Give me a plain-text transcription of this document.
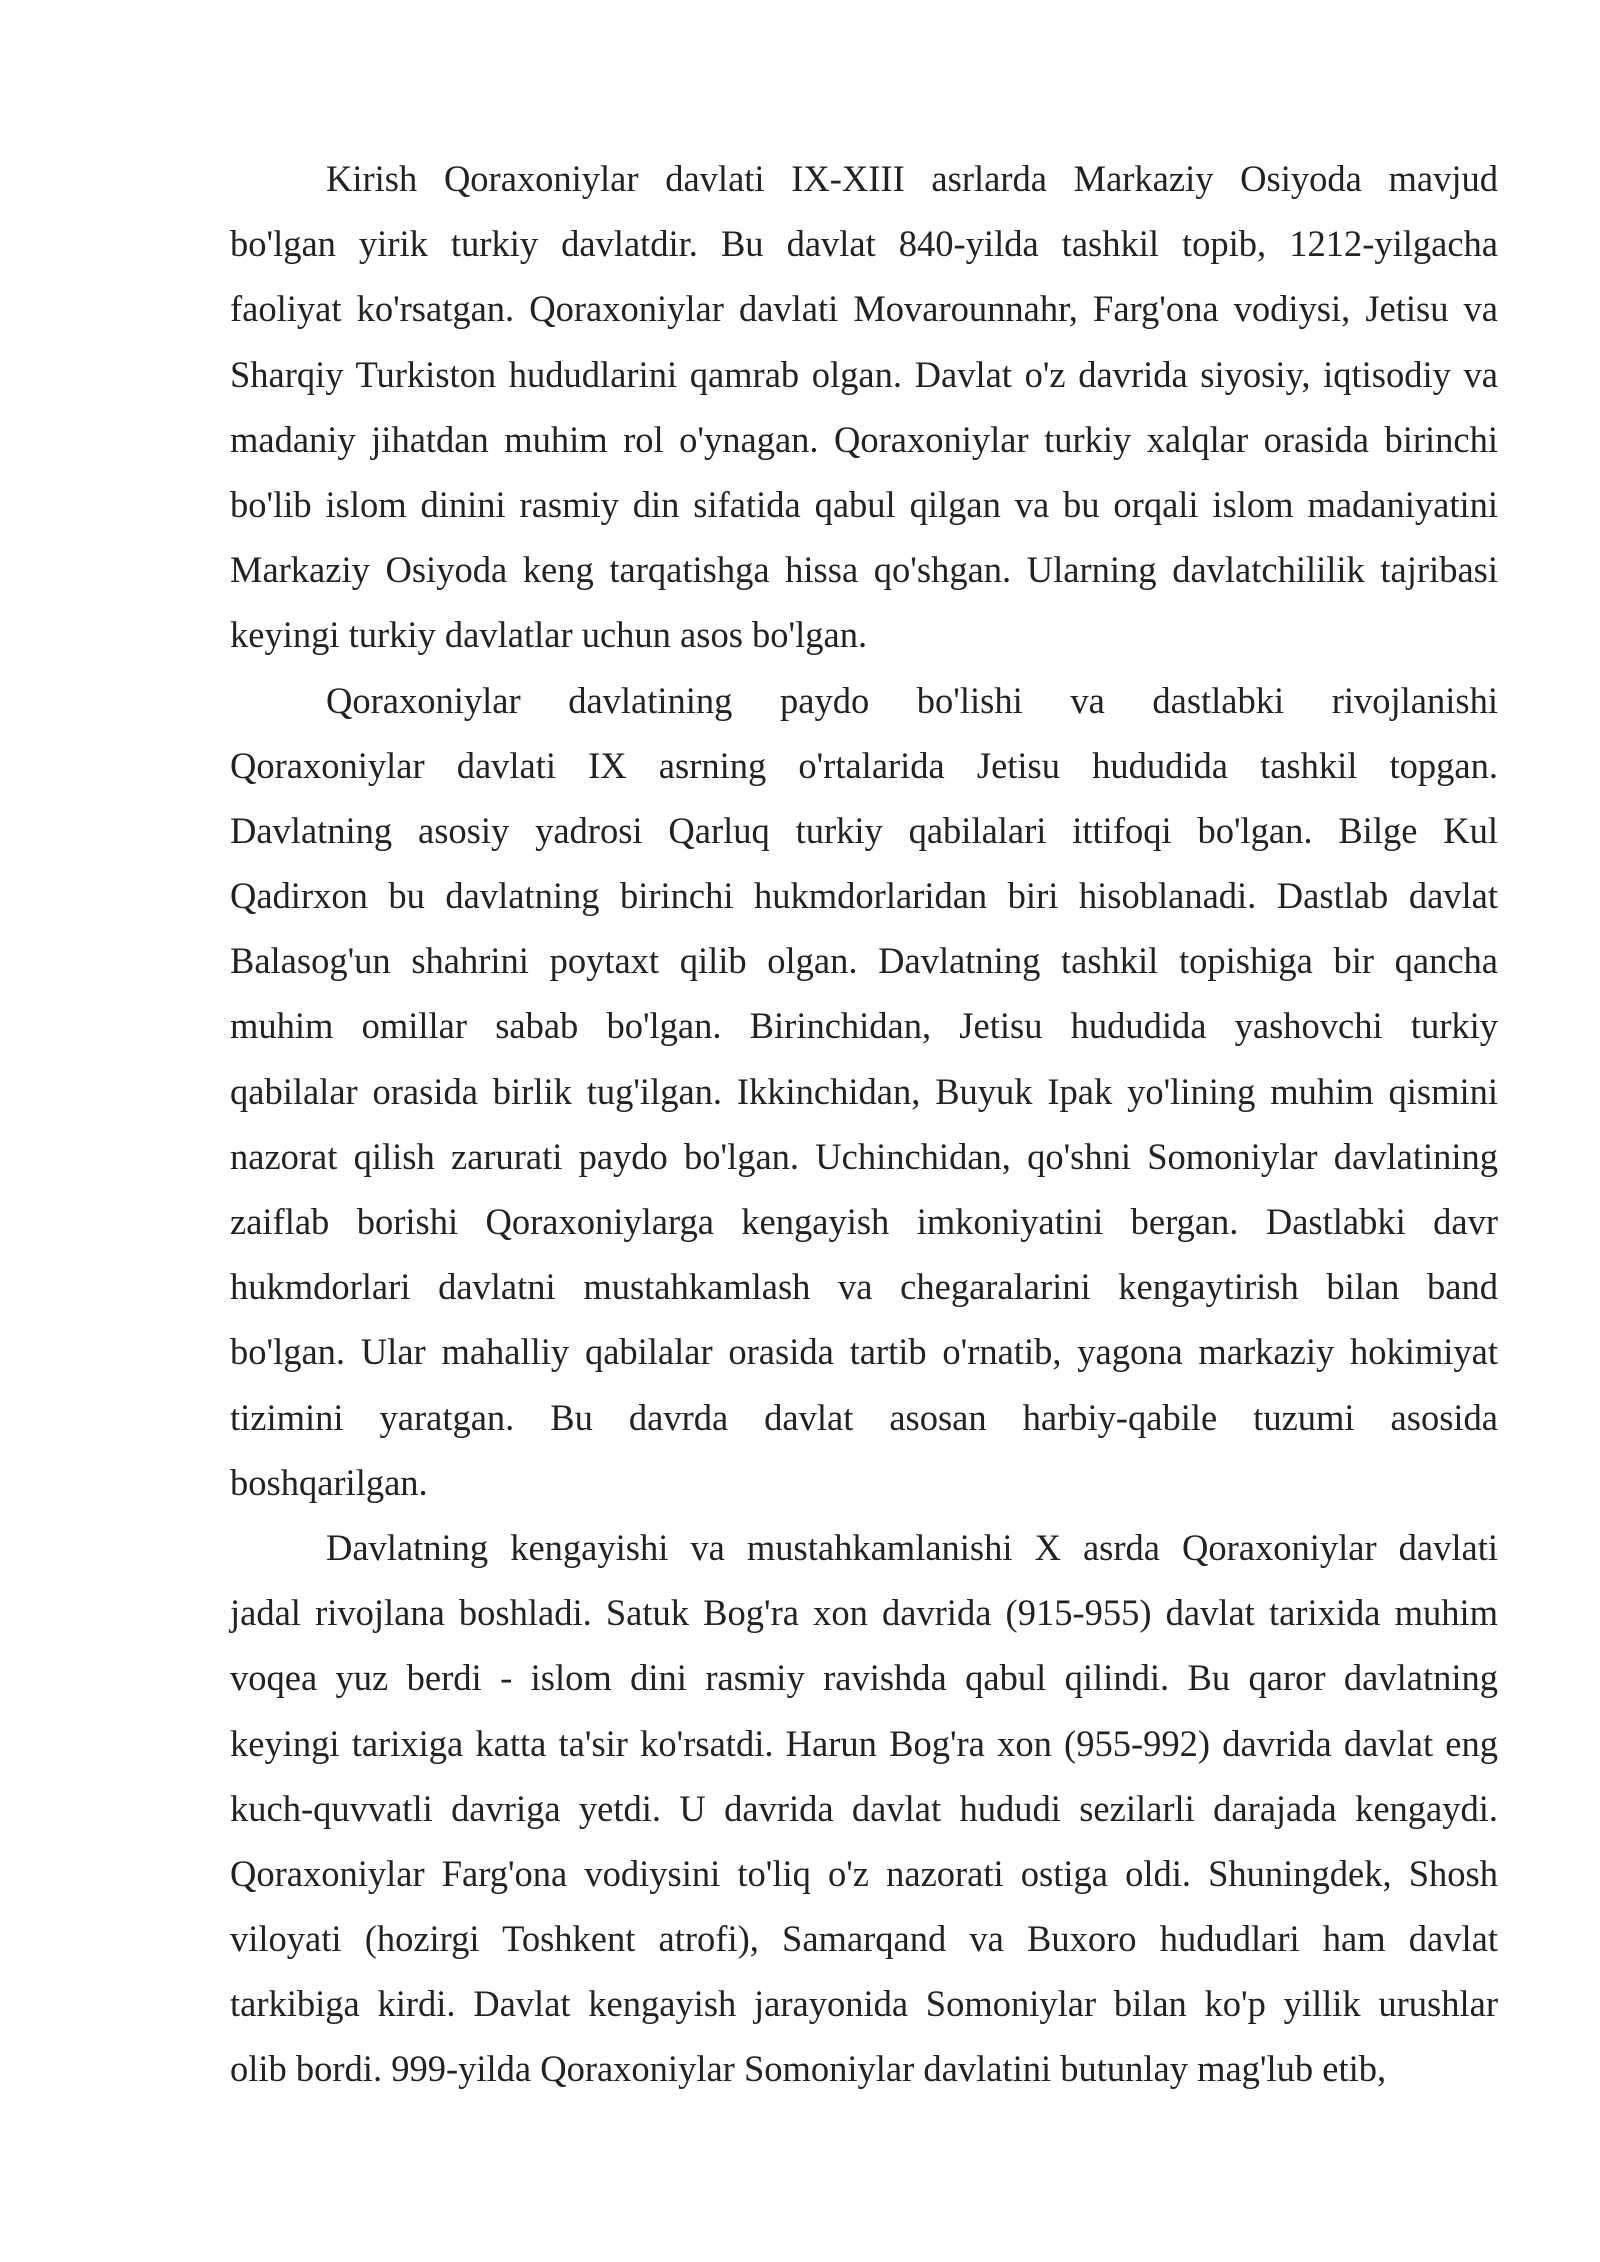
Kirish Qoraxoniylar davlati IX-XIII asrlarda Markaziy Osiyoda mavjud
bo'lgan yirik turkiy davlatdir. Bu davlat 840-yilda tashkil topib, 1212-yilgacha
faoliyat ko'rsatgan. Qoraxoniylar davlati Movarounnahr, Farg'ona vodiysi, Jetisu va
Sharqiy Turkiston hududlarini qamrab olgan. Davlat o'z davrida siyosiy, iqtisodiy va
madaniy jihatdan muhim rol o'ynagan. Qoraxoniylar turkiy xalqlar orasida birinchi
bo'lib islom dinini rasmiy din sifatida qabul qilgan va bu orqali islom madaniyatini
Markaziy Osiyoda keng tarqatishga hissa qo'shgan. Ularning davlatchililik tajribasi
keyingi turkiy davlatlar uchun asos bo'lgan.
Qoraxoniylar davlatining paydo bo'lishi va dastlabki rivojlanishi
Qoraxoniylar davlati IX asrning o'rtalarida Jetisu hududida tashkil topgan.
Davlatning asosiy yadrosi Qarluq turkiy qabilalari ittifoqi bo'lgan. Bilge Kul
Qadirxon bu davlatning birinchi hukmdorlaridan biri hisoblanadi. Dastlab davlat
Balasog'un shahrini poytaxt qilib olgan. Davlatning tashkil topishiga bir qancha
muhim omillar sabab bo'lgan. Birinchidan, Jetisu hududida yashovchi turkiy
qabilalar orasida birlik tug'ilgan. Ikkinchidan, Buyuk Ipak yo'lining muhim qismini
nazorat qilish zarurati paydo bo'lgan. Uchinchidan, qo'shni Somoniylar davlatining
zaiflab borishi Qoraxoniylarga kengayish imkoniyatini bergan. Dastlabki davr
hukmdorlari davlatni mustahkamlash va chegaralarini kengaytirish bilan band
bo'lgan. Ular mahalliy qabilalar orasida tartib o'rnatib, yagona markaziy hokimiyat
tizimini yaratgan. Bu davrda davlat asosan harbiy-qabile tuzumi asosida
boshqarilgan.
Davlatning kengayishi va mustahkamlanishi X asrda Qoraxoniylar davlati
jadal rivojlana boshladi. Satuk Bog'ra xon davrida (915-955) davlat tarixida muhim
voqea yuz berdi - islom dini rasmiy ravishda qabul qilindi. Bu qaror davlatning
keyingi tarixiga katta ta'sir ko'rsatdi. Harun Bog'ra xon (955-992) davrida davlat eng
kuch-quvvatli davriga yetdi. U davrida davlat hududi sezilarli darajada kengaydi.
Qoraxoniylar Farg'ona vodiysini to'liq o'z nazorati ostiga oldi. Shuningdek, Shosh
viloyati (hozirgi Toshkent atrofi), Samarqand va Buxoro hududlari ham davlat
tarkibiga kirdi. Davlat kengayish jarayonida Somoniylar bilan ko'p yillik urushlar
olib bordi. 999-yilda Qoraxoniylar Somoniylar davlatini butunlay mag'lub etib,
